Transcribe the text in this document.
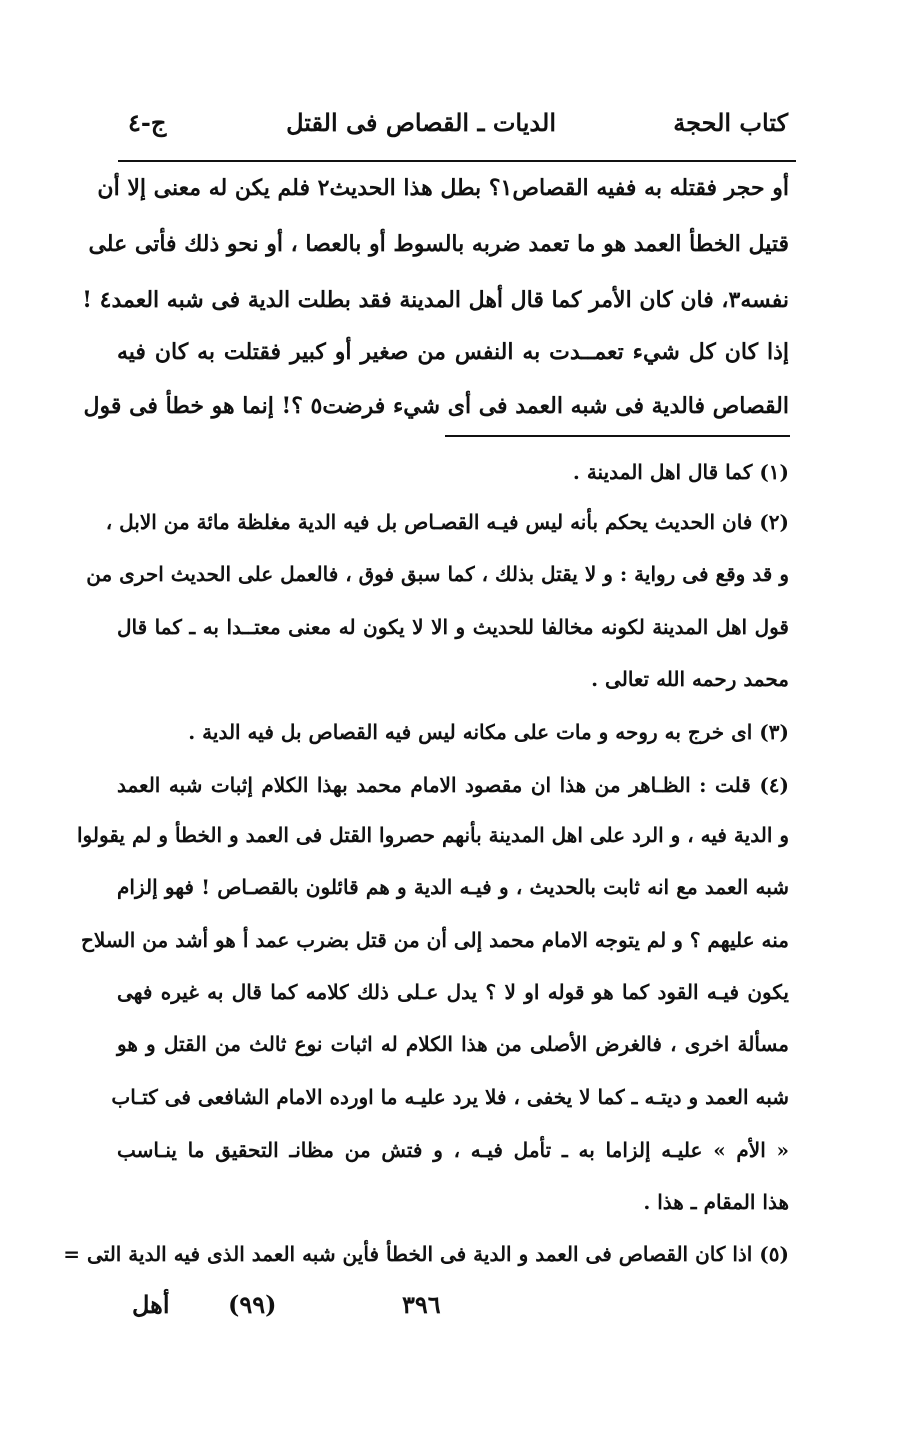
كتاب الحجة
الديات ـ القصاص فى القتل
ج-٤
أو حجر فقتله به ففيه القصاص١؟ بطل هذا الحديث٢ فلم يكن له معنى إلا أن
قتيل الخطأ العمد هو ما تعمد ضربه بالسوط أو بالعصا ، أو نحو ذلك فأتى على
نفسه٣، فان كان الأمر كما قال أهل المدينة فقد بطلت الدية فى شبه العمد٤ !
إذا كان كل شيء تعمــدت به النفس من صغير أو كبير فقتلت به كان فيه
القصاص فالدية فى شبه العمد فى أى شيء فرضت٥ ؟! إنما هو خطأ فى قول
(١) كما قال اهل المدينة .
(٢) فان الحديث يحكم بأنه ليس فيـه القصـاص بل فيه الدية مغلظة مائة من الابل ،
و قد وقع فى رواية : و لا يقتل بذلك ، كما سبق فوق ، فالعمل على الحديث احرى من
قول اهل المدينة لكونه مخالفا للحديث و الا لا يكون له معنى معتــدا به ـ كما قال
محمد رحمه الله تعالى .
(٣) اى خرج به روحه و مات على مكانه ليس فيه القصاص بل فيه الدية .
(٤) قلت : الظـاهر من هذا ان مقصود الامام محمد بهذا الكلام إثبات شبه العمد
و الدية فيه ، و الرد على اهل المدينة بأنهم حصروا القتل فى العمد و الخطأ و لم يقولوا
شبه العمد مع انه ثابت بالحديث ، و فيـه الدية و هم قائلون بالقصـاص ! فهو إلزام
منه عليهم ؟ و لم يتوجه الامام محمد إلى أن من قتل بضرب عمد أ هو أشد من السلاح
يكون فيـه القود كما هو قوله او لا ؟ يدل عـلى ذلك كلامه كما قال به غيره فهى
مسألة اخرى ، فالغرض الأصلى من هذا الكلام له اثبات نوع ثالث من القتل و هو
شبه العمد و ديتـه ـ كما لا يخفى ، فلا يرد عليـه ما اورده الامام الشافعى فى كتـاب
« الأم » عليـه إلزاما به ـ تأمل فيـه ، و فتش من مظانـ التحقيق ما ينـاسب
هذا المقام ـ هذا .
(٥) اذا كان القصاص فى العمد و الدية فى الخطأ فأين شبه العمد الذى فيه الدية التى =
٣٩٦
(٩٩)
أهل
